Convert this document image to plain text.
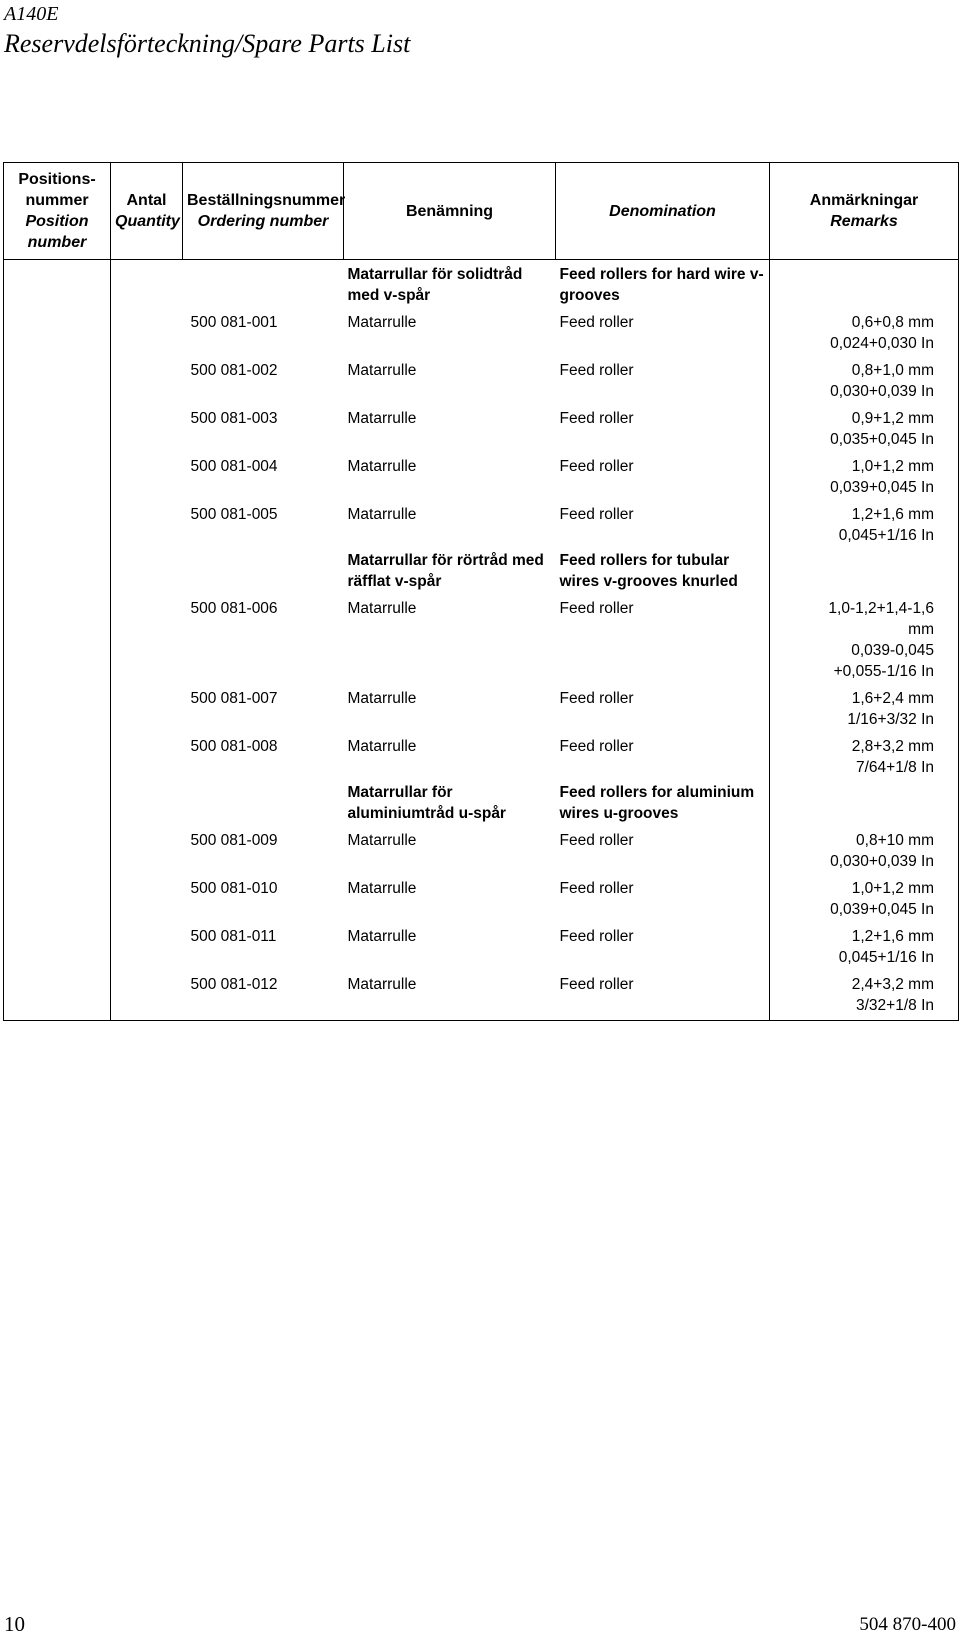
A140E
Reservdelsförteckning/Spare Parts List
Positions-
nummer
Position
number	Antal
Quantity	Beställningsnummer
Ordering number	Benämning	Denomination	Anmärkningar
Remarks

			Matarrullar för solidtråd med v-spår	Feed rollers for hard wire v-grooves	
		500 081-001	Matarrulle	Feed roller	0,6+0,8 mm
0,024+0,030 In

		500 081-002	Matarrulle	Feed roller	0,8+1,0 mm
0,030+0,039 In

		500 081-003	Matarrulle	Feed roller	0,9+1,2 mm
0,035+0,045 In

		500 081-004	Matarrulle	Feed roller	1,0+1,2 mm
0,039+0,045 In

		500 081-005	Matarrulle	Feed roller	1,2+1,6 mm
0,045+1/16 In

			Matarrullar för rörtråd med räfflat v-spår	Feed rollers for tubular wires v-grooves knurled	
		500 081-006	Matarrulle	Feed roller	1,0-1,2+1,4-1,6
mm
0,039-0,045
+0,055-1/16 In

		500 081-007	Matarrulle	Feed roller	1,6+2,4 mm
1/16+3/32 In

		500 081-008	Matarrulle	Feed roller	2,8+3,2 mm
7/64+1/8 In

			Matarrullar för aluminiumtråd u-spår	Feed rollers for aluminium wires u-grooves	
		500 081-009	Matarrulle	Feed roller	0,8+10 mm
0,030+0,039 In

		500 081-010	Matarrulle	Feed roller	1,0+1,2 mm
0,039+0,045 In

		500 081-011	Matarrulle	Feed roller	1,2+1,6 mm
0,045+1/16 In

		500 081-012	Matarrulle	Feed roller	2,4+3,2 mm
3/32+1/8 In
10	504 870-400
